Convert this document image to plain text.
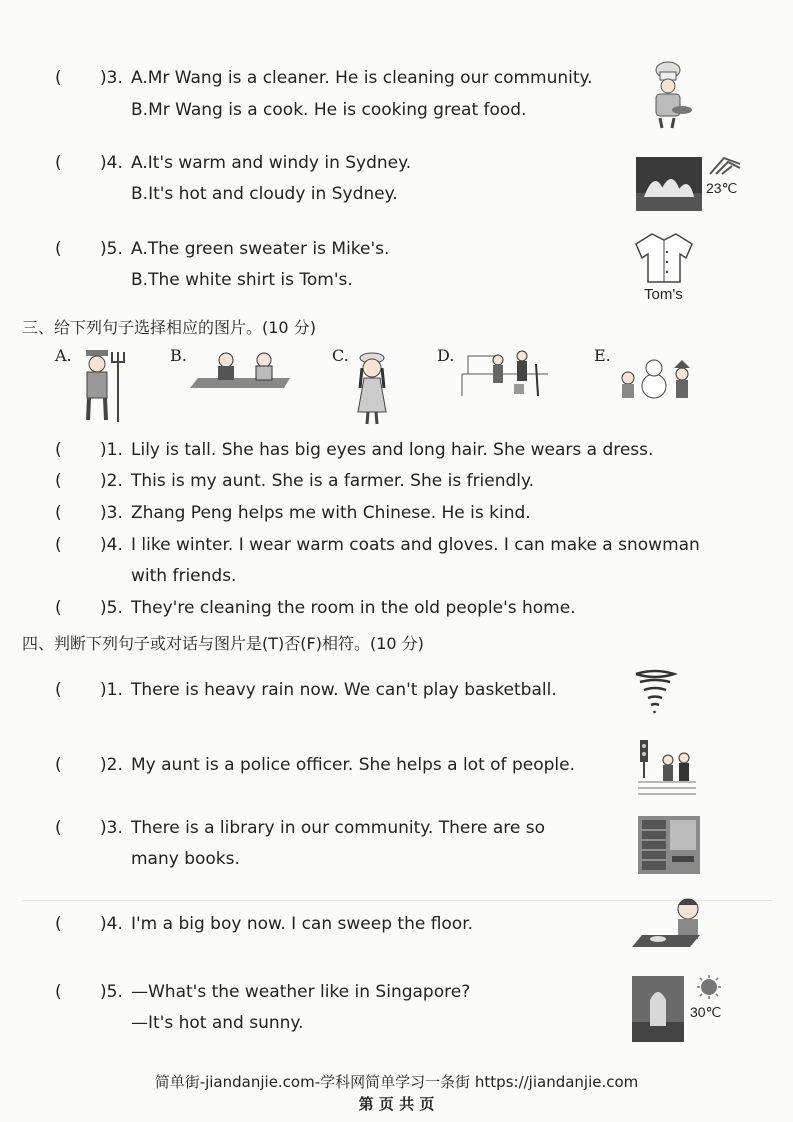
( )3. A.Mr Wang is a cleaner. He is cleaning our community.
B.Mr Wang is a cook. He is cooking great food.
( )4. A.It's warm and windy in Sydney.
B.It's hot and cloudy in Sydney.	23℃
( )5. A.The green sweater is Mike's.
B.The white shirt is Tom's.
Tom's
三、给下列句子选择相应的图片。(10 分)
A.	B.	C.	D.	E.
( )1. Lily is tall. She has big eyes and long hair. She wears a dress.
( )2. This is my aunt. She is a farmer. She is friendly.
( )3. Zhang Peng helps me with Chinese. He is kind.
( )4. I like winter. I wear warm coats and gloves. I can make a snowman
with friends.
( )5. They're cleaning the room in the old people's home.
四、判断下列句子或对话与图片是(T)否(F)相符。(10 分)
( )1. There is heavy rain now. We can't play basketball.
( )2. My aunt is a police officer. She helps a lot of people.
( )3. There is a library in our community. There are so
many books.
( )4. I'm a big boy now. I can sweep the floor.
( )5. —What's the weather like in Singapore?
—It's hot and sunny.
30℃
简单街-jiandanjie.com-学科网简单学习一条街 https://jiandanjie.com
第 页 共 页
